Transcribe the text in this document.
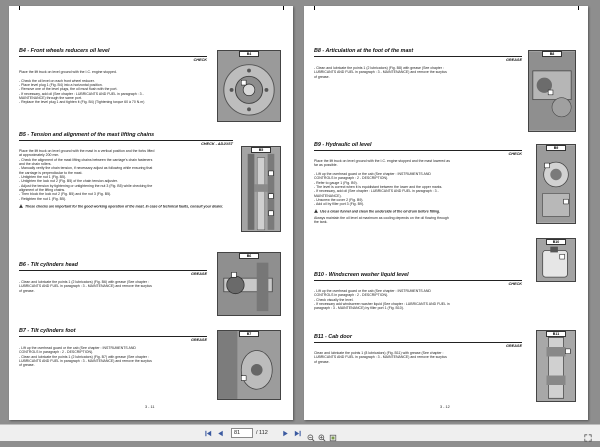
B4 - Front wheels reducers oil level
CHECK

Place the lift truck on level ground with the I.C. engine stopped.

- Check the oil level on each front wheel reducer.

- Place level plug 1 (Fig. B4) into a horizontal position.

- Remove one of the level plugs, the oil must flush with the port.

- If necessary, add oil (See chapter : LUBRICANTS AND FUEL in paragraph : 3 -

MAINTENANCE) through the same port.

- Replace the level plug 1 and tighten it (Fig. B4) (Tightening torque 60 à 70 N.m)

B4
B5 - Tension and alignment of the mast lifting chains
CHECK - ADJUST

Place the lift truck on level ground with the mast in a vertical position and the forks lifted

at approximately 200 mm.

- Check the alignment of the mast lifting chains between the carriage's chain fasteners

and the chain rollers.

- Manually verify the chain tension, if necessary adjust as following while ensuring that

the carriage is perpendicular to the mast.

- Untighten the nut 1 (Fig. B5).

- Untighten the lock nut 2 (Fig. B5) of the chain tension adjuster.

- Adjust the tension by tightening or untightening the nut 3 (Fig. B5) while checking the

alignment of the lifting chains.

- Then block the lock nut 2 (Fig. B5) and the nut 3 (Fig. B5).

- Retighten the nut 1 (Fig. B5).

These checks are important for the good working operation of the mast. In case of technical faults, consult your dealer.

B5
B6 - Tilt cylinders head
GREASE

- Clean and lubricate the points 1 (2 lubricators) (Fig. B6) with grease (See chapter :

LUBRICANTS AND FUEL in paragraph : 3 - MAINTENANCE) and remove the surplus

of grease.

B6
B7 - Tilt cylinders foot
GREASE

- Lift up the overhead guard or the cab (See chapter : INSTRUMENTS AND

CONTROLS in paragraph : 2 - DESCRIPTION).

- Clean and lubricate the points 1 (2 lubricators) (Fig. B7) with grease (See chapter :

LUBRICANTS AND FUEL in paragraph : 3 - MAINTENANCE) and remove the surplus

of grease.

B7
3 - 11
B8 - Articulation at the foot of the mast
GREASE

- Clean and lubricate the points 1 (2 lubricators) (Fig. B8) with grease (See chapter :

LUBRICANTS AND FUEL in paragraph : 3 - MAINTENANCE) and remove the surplus

of grease.

B8
B9 - Hydraulic oil level
CHECK

Place the lift truck on level ground with the I.C. engine stopped and the mast lowered as

far as possible.

- Lift up the overhead guard or the cab (See chapter : INSTRUMENTS AND

CONTROLS in paragraph : 2 - DESCRIPTION).

- Refer to gauge 1 (Fig. B9).

- The level is correct when it is equidistant between the lower and the upper marks.

- If necessary, add oil (See chapter : LUBRICANTS AND FUEL in paragraph : 3 -

MAINTENANCE).

- Unscrew the cover 2 (Fig. B9).

- Add oil by filler port 3 (Fig. B9).

Use a clean funnel and clean the underside of the oil drum before filling.

Always maintain the oil level at maximum as cooling depends on the oil flowing through

the tank.

B9
B10
B10 - Windscreen washer liquid level
CHECK

- Lift up the overhead guard or the cab (See chapter : INSTRUMENTS AND

CONTROLS in paragraph : 2 - DESCRIPTION).

- Check visually the level.

- If necessary add windscreen washer liquid (See chapter : LUBRICANTS AND FUEL in

paragraph : 3 - MAINTENANCE) by filler port 1 (Fig. B10).

B11 - Cab door
GREASE

Clean and lubricate the points 1 (8 lubricators) (Fig. B11) with grease (See chapter :

LUBRICANTS AND FUEL in paragraph : 3 - MAINTENANCE) and remove the surplus

of grease.

B11
3 - 12
81
/ 112
